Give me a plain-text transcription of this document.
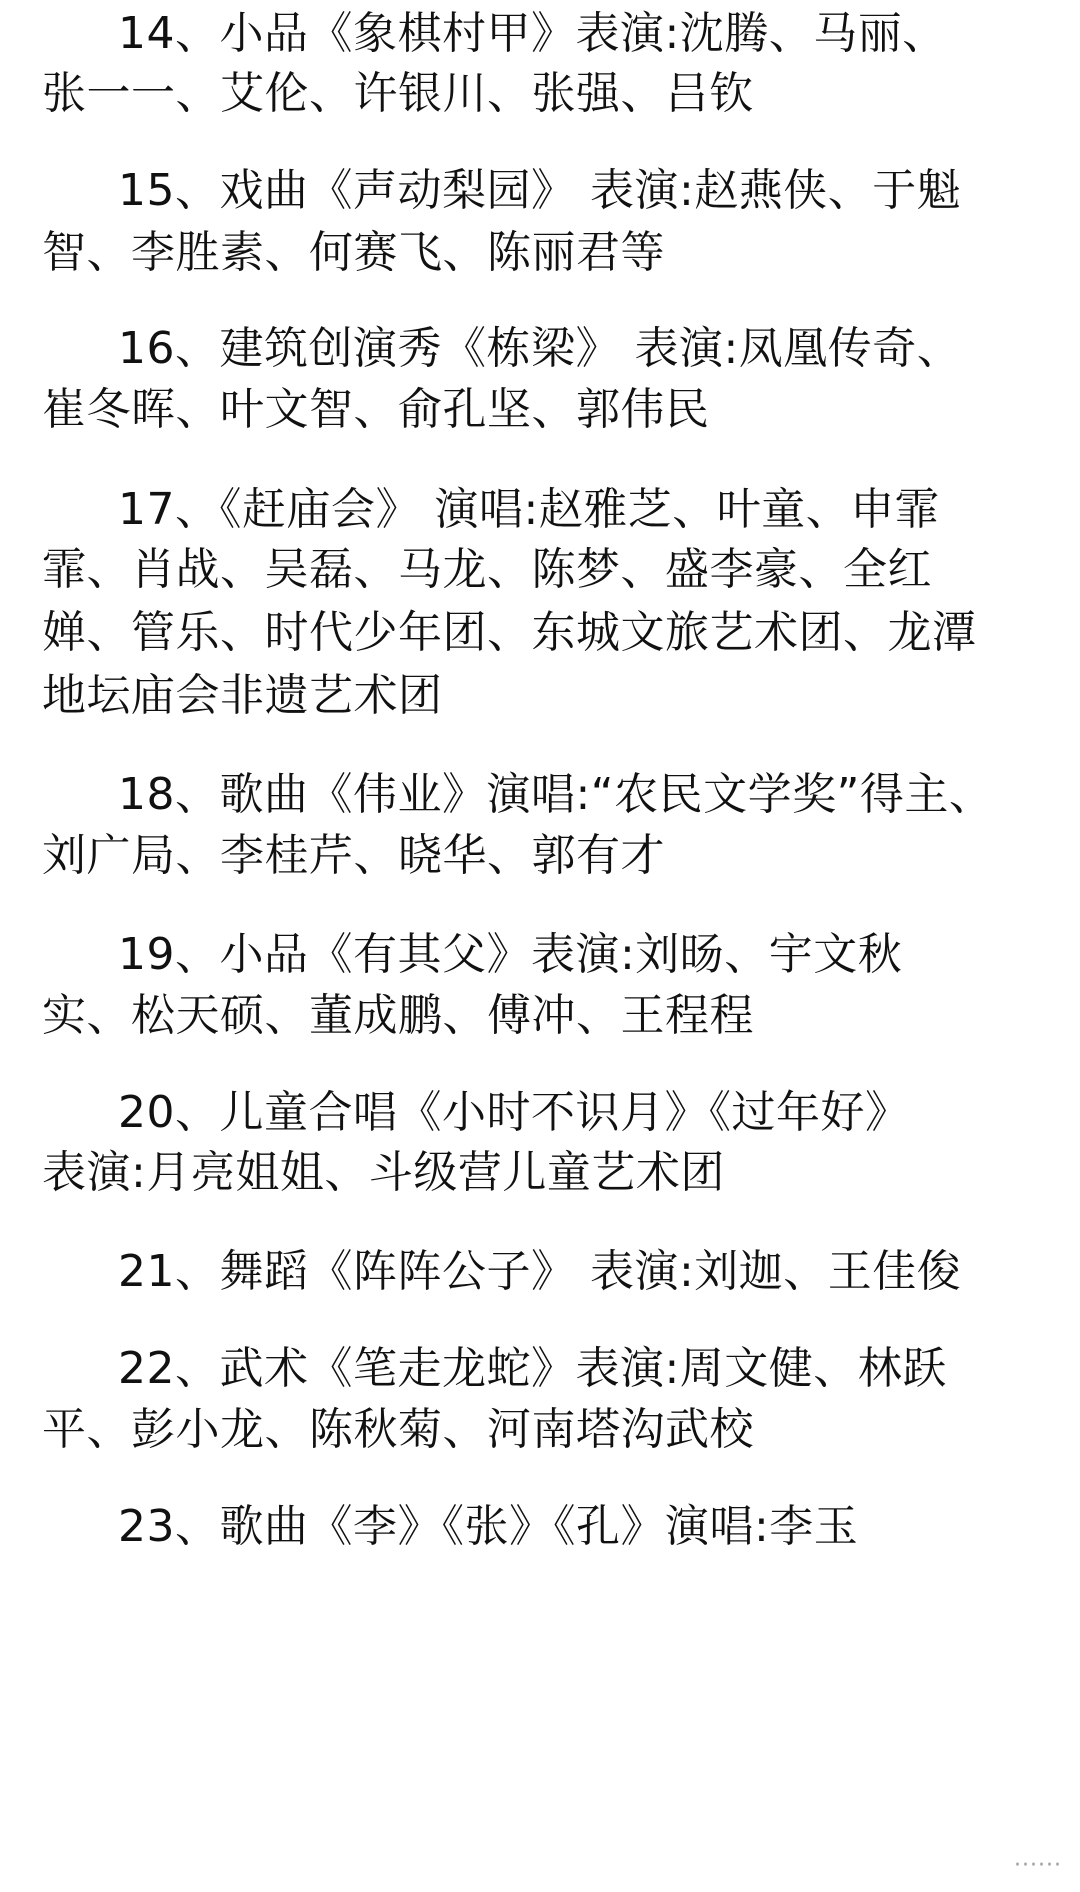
14、小品《象棋村甲》表演:沈腾、马丽、
张一一、艾伦、许银川、张强、吕钦
15、戏曲《声动梨园》 表演:赵燕侠、于魁
智、李胜素、何赛飞、陈丽君等
16、建筑创演秀《栋梁》 表演:凤凰传奇、
崔冬晖、叶文智、俞孔坚、郭伟民
17、《赶庙会》 演唱:赵雅芝、叶童、申霏
霏、肖战、吴磊、马龙、陈梦、盛李豪、全红
婵、管乐、时代少年团、东城文旅艺术团、龙潭
地坛庙会非遗艺术团
18、歌曲《伟业》演唱:“农民文学奖”得主、
刘广局、李桂芹、晓华、郭有才
19、小品《有其父》表演:刘旸、宇文秋
实、松天硕、董成鹏、傅冲、王程程
20、儿童合唱《小时不识月》《过年好》
表演:月亮姐姐、斗级营儿童艺术团
21、舞蹈《阵阵公子》 表演:刘迦、王佳俊
22、武术《笔走龙蛇》表演:周文健、林跃
平、彭小龙、陈秋菊、河南塔沟武校
23、歌曲《李》《张》《孔》演唱:李玉
······
